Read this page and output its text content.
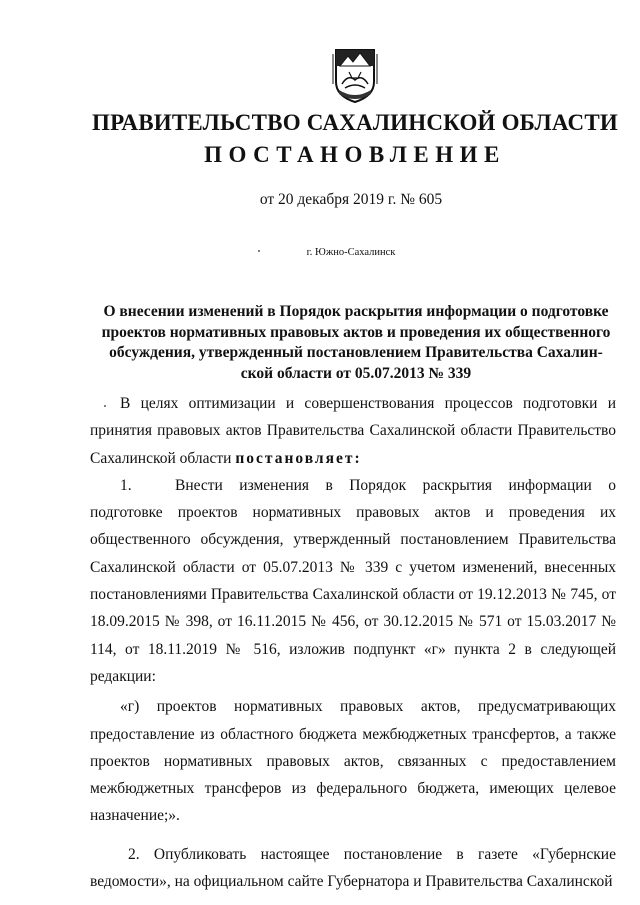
ПРАВИТЕЛЬСТВО САХАЛИНСКОЙ ОБЛАСТИ
ПОСТАНОВЛЕНИЕ
от 20 декабря 2019 г. № 605
г. Южно-Сахалинск
О внесении изменений в Порядок раскрытия информации о подготовке
проектов нормативных правовых актов и проведения их общественного
обсуждения, утвержденный постановлением Правительства Сахалин-
ской области от 05.07.2013 № 339

В целях оптимизации и совершенствования процессов подготовки и принятия правовых актов Правительства Сахалинской области Правительство Сахалинской области постановляет:

1.	Внести изменения в Порядок раскрытия информации о подготовке проектов нормативных правовых актов и проведения их общественного обсуждения, утвержденный постановлением Правительства Сахалинской области от 05.07.2013 № 339 с учетом изменений, внесенных постановлениями Правительства Сахалинской области от 19.12.2013 № 745, от 18.09.2015 № 398, от 16.11.2015 № 456, от 30.12.2015 № 571 от 15.03.2017 № 114, от 18.11.2019 № 516, изложив подпункт «г» пункта 2 в следующей редакции:

«г) проектов нормативных правовых актов, предусматривающих предоставление из областного бюджета межбюджетных трансфертов, а также проектов нормативных правовых актов, связанных с предоставлением межбюджетных трансферов из федерального бюджета, имеющих целевое назначение;».

2. Опубликовать настоящее постановление в газете «Губернские ведомости», на официальном сайте Губернатора и Правительства Сахалинской
